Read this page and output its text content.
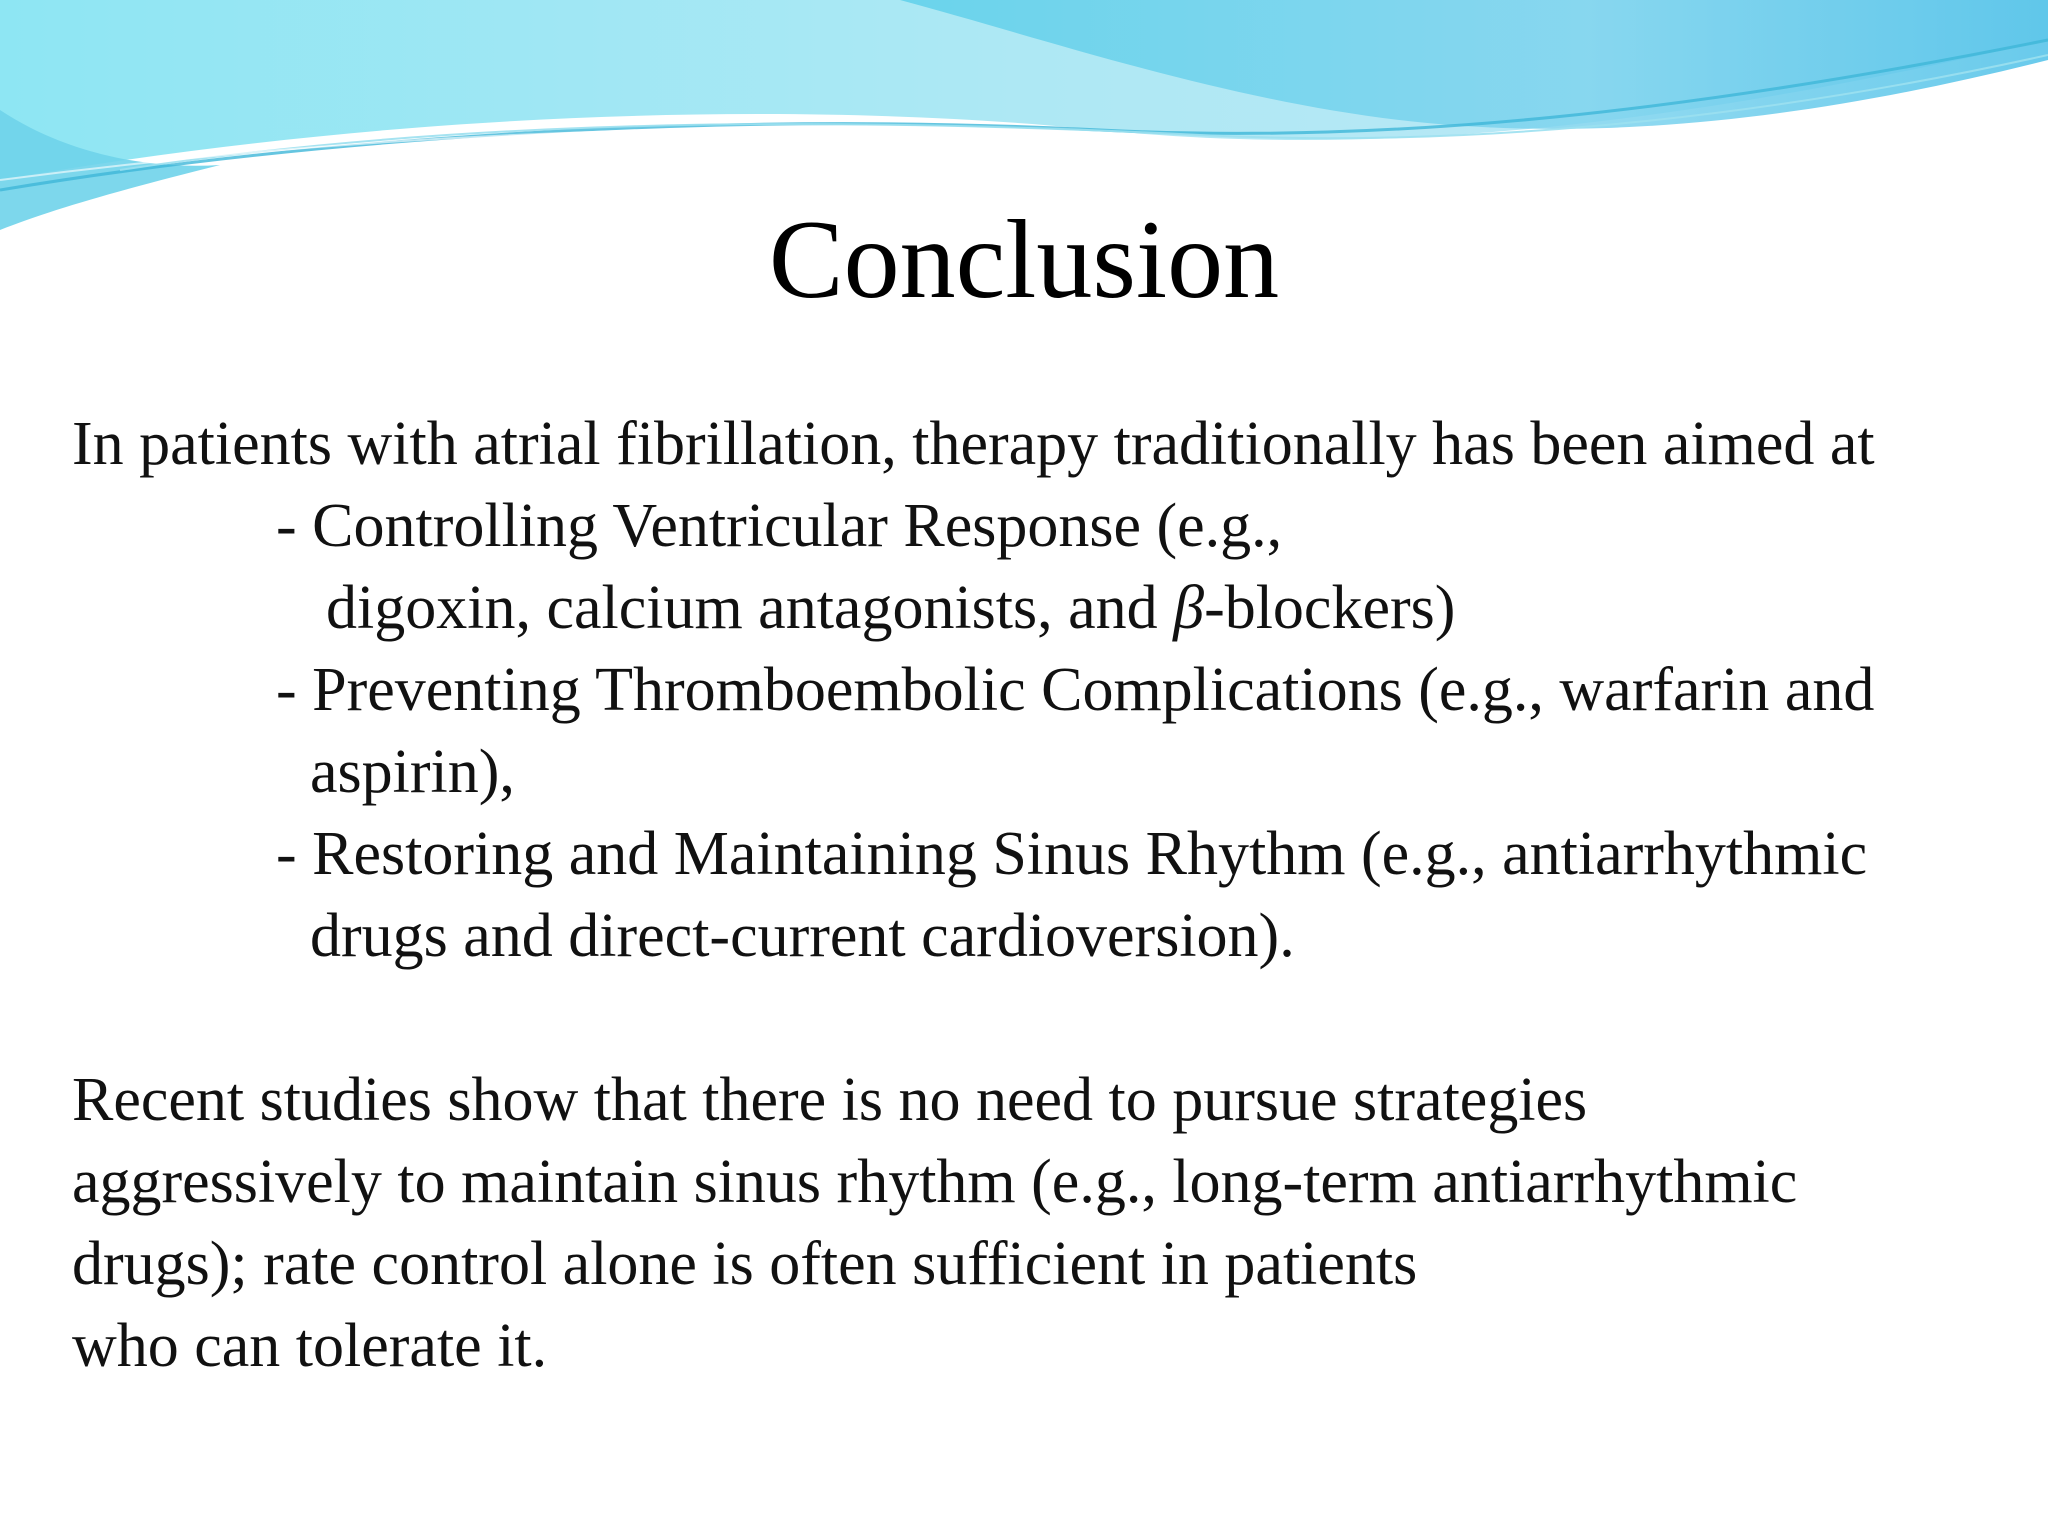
Conclusion
In patients with atrial fibrillation, therapy traditionally has been aimed at
- Controlling Ventricular Response (e.g.,
digoxin, calcium antagonists, and β-blockers)
- Preventing Thromboembolic Complications (e.g., warfarin and
aspirin),
- Restoring and Maintaining Sinus Rhythm (e.g., antiarrhythmic
drugs and direct-current cardioversion).
Recent studies show that there is no need to pursue strategies
aggressively to maintain sinus rhythm (e.g., long-term antiarrhythmic
drugs); rate control alone is often sufficient in patients
who can tolerate it.
